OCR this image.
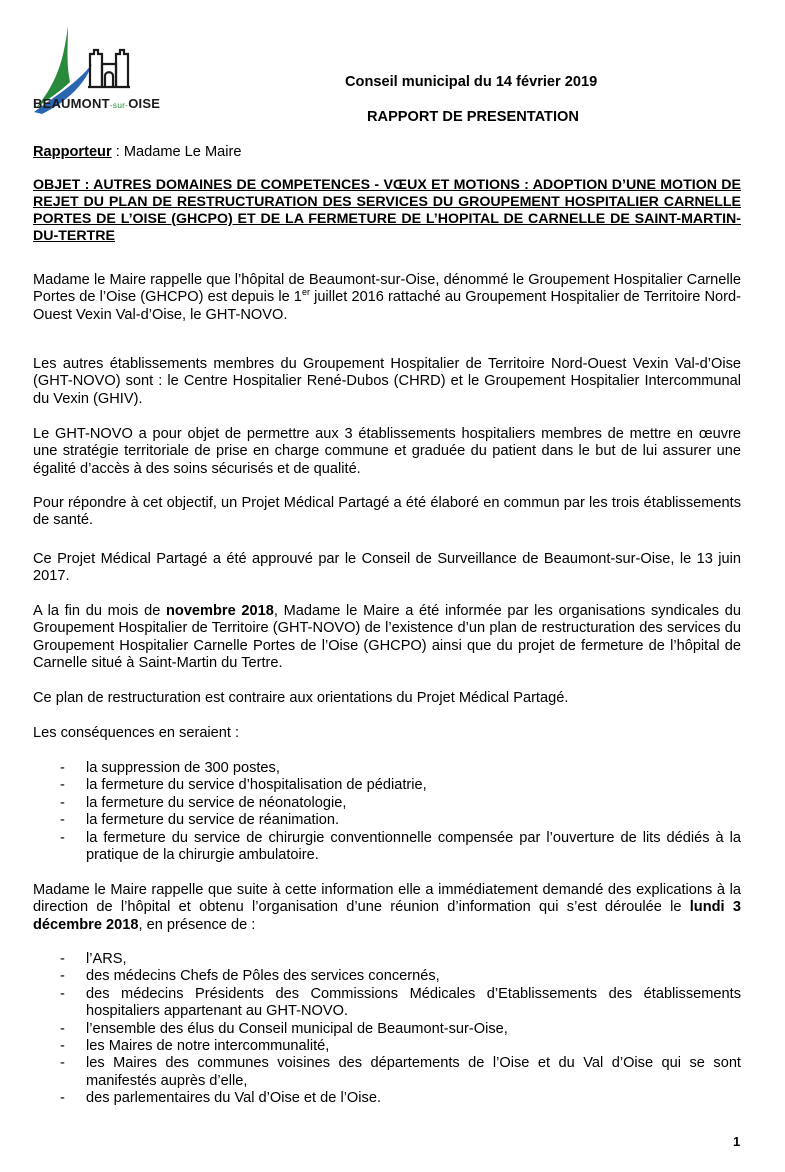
BEAUMONT-sur-OISE
Conseil municipal du 14 février 2019
RAPPORT DE PRESENTATION
Rapporteur : Madame Le Maire
OBJET : AUTRES DOMAINES DE COMPETENCES - VŒUX ET MOTIONS : ADOPTION D’UNE MOTION DE REJET DU PLAN DE RESTRUCTURATION DES SERVICES DU GROUPEMENT HOSPITALIER CARNELLE PORTES DE L’OISE (GHCPO) ET DE LA FERMETURE DE L’HOPITAL DE CARNELLE DE SAINT-MARTIN-DU-TERTRE
Madame le Maire rappelle que l’hôpital de Beaumont-sur-Oise, dénommé le Groupement Hospitalier Carnelle Portes de l’Oise (GHCPO) est depuis le 1er juillet 2016 rattaché au Groupement Hospitalier de Territoire Nord-Ouest Vexin Val-d’Oise, le GHT-NOVO.
Les autres établissements membres du Groupement Hospitalier de Territoire Nord-Ouest Vexin Val-d’Oise (GHT-NOVO) sont : le Centre Hospitalier René-Dubos (CHRD) et le Groupement Hospitalier Intercommunal du Vexin (GHIV).
Le GHT-NOVO a pour objet de permettre aux 3 établissements hospitaliers membres de mettre en œuvre une stratégie territoriale de prise en charge commune et graduée du patient dans le but de lui assurer une égalité d’accès à des soins sécurisés et de qualité.
Pour répondre à cet objectif, un Projet Médical Partagé a été élaboré en commun par les trois établissements de santé.
Ce Projet Médical Partagé a été approuvé par le Conseil de Surveillance de Beaumont-sur-Oise, le 13 juin 2017.
A la fin du mois de novembre 2018, Madame le Maire a été informée par les organisations syndicales du Groupement Hospitalier de Territoire (GHT-NOVO) de l’existence d’un plan de restructuration des services du Groupement Hospitalier Carnelle Portes de l’Oise (GHCPO) ainsi que du projet de fermeture de l’hôpital de Carnelle situé à Saint-Martin du Tertre.
Ce plan de restructuration est contraire aux orientations du Projet Médical Partagé.
Les conséquences en seraient :
- la suppression de 300 postes,
- la fermeture du service d’hospitalisation de pédiatrie,
- la fermeture du service de néonatologie,
- la fermeture du service de réanimation.
- la fermeture du service de chirurgie conventionnelle compensée par l’ouverture de lits dédiés à la pratique de la chirurgie ambulatoire.
Madame le Maire rappelle que suite à cette information elle a immédiatement demandé des explications à la direction de l’hôpital et obtenu l’organisation d’une réunion d’information qui s’est déroulée le lundi 3 décembre 2018, en présence de :
- l’ARS,
- des médecins Chefs de Pôles des services concernés,
- des médecins Présidents des Commissions Médicales d’Etablissements des établissements hospitaliers appartenant au GHT-NOVO.
- l’ensemble des élus du Conseil municipal de Beaumont-sur-Oise,
- les Maires de notre intercommunalité,
- les Maires des communes voisines des départements de l’Oise et du Val d’Oise qui se sont manifestés auprès d’elle,
- des parlementaires du Val d’Oise et de l’Oise.
1
